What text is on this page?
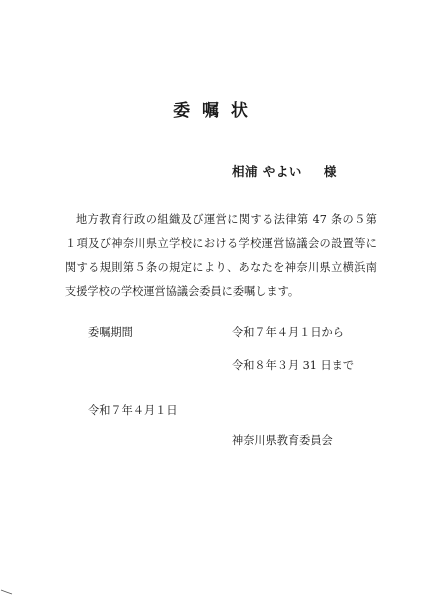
委 嘱 状
相浦 やよい 様
地方教育行政の組織及び運営に関する法律第 47 条の５第１項及び神奈川県立学校における学校運営協議会の設置等に関する規則第５条の規定により、あなたを神奈川県立横浜南支援学校の学校運営協議会委員に委嘱します。
委嘱期間	令和７年４月１日から
令和８年３月 31 日まで
令和７年４月１日
神奈川県教育委員会
